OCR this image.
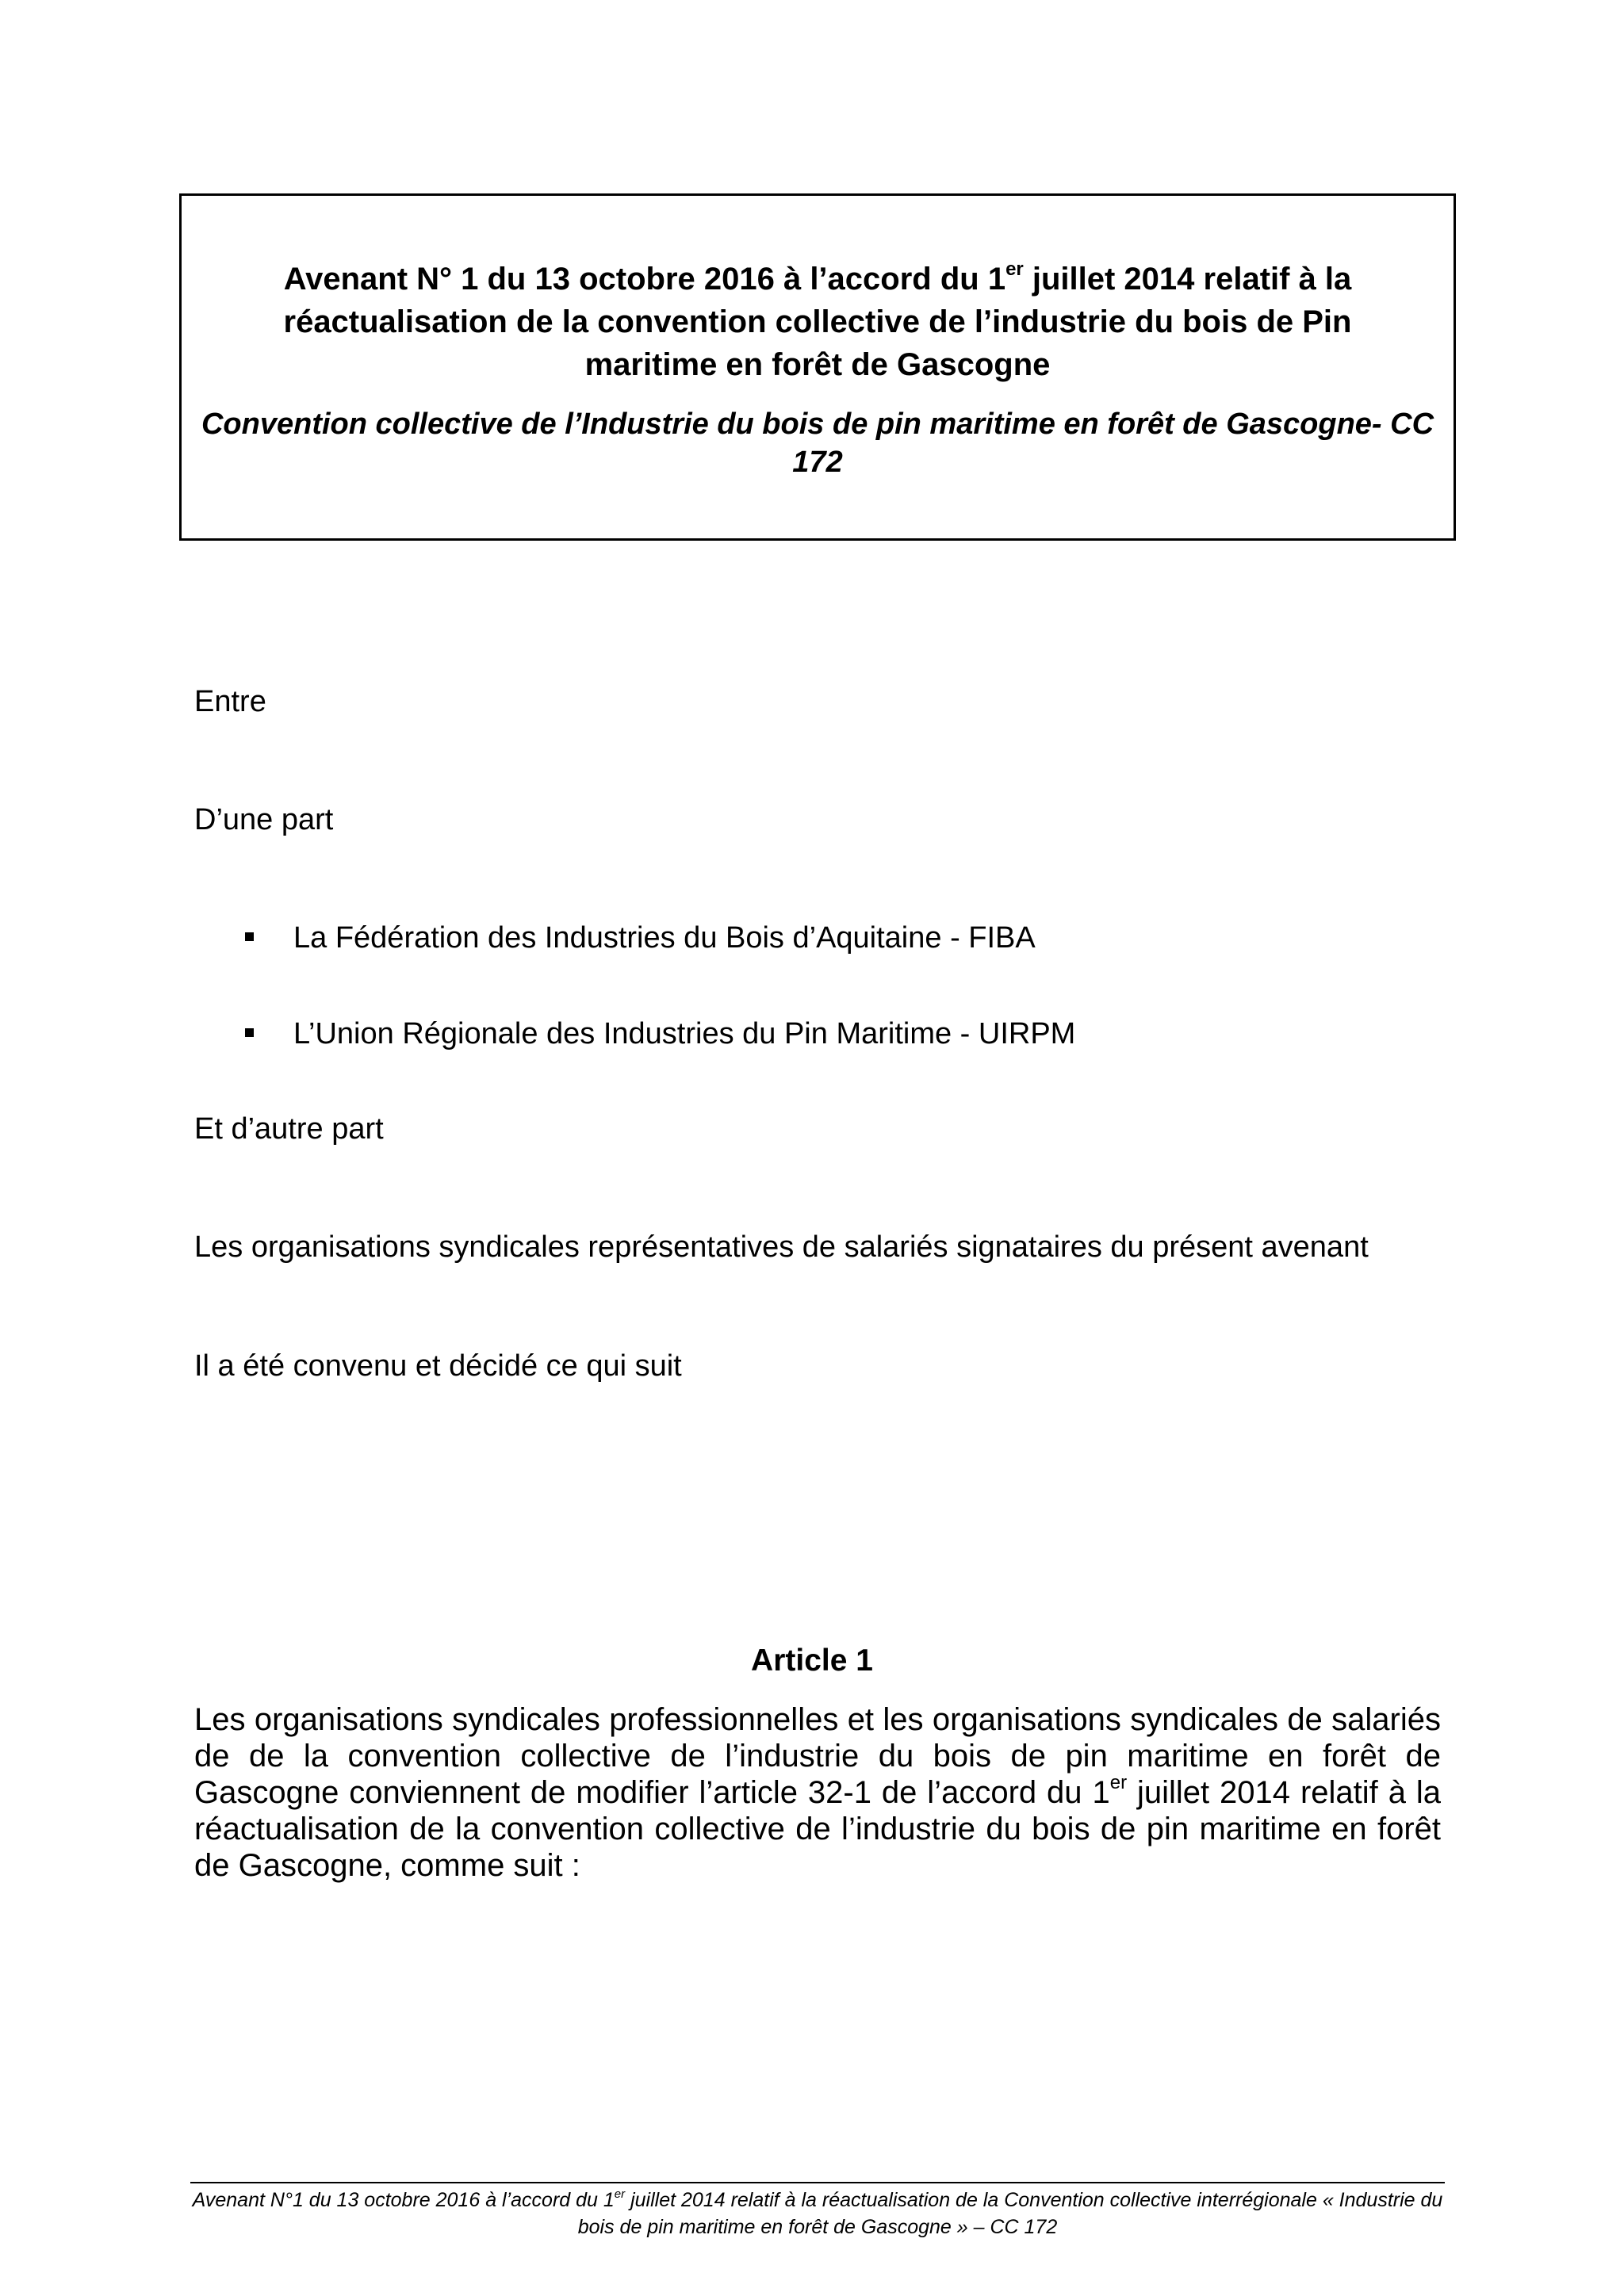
Avenant N° 1 du 13 octobre 2016 à l’accord du 1er juillet 2014 relatif à la réactualisation de la convention collective de l’industrie du bois de Pin maritime en forêt de Gascogne
Convention collective de l’Industrie du bois de pin maritime en forêt de Gascogne- CC 172
Entre
D’une part
La Fédération des Industries du Bois d’Aquitaine - FIBA
L’Union Régionale des Industries du Pin Maritime - UIRPM
Et d’autre part
Les organisations syndicales représentatives de salariés signataires du présent avenant
Il a été convenu et décidé ce qui suit
Article 1
Les organisations syndicales professionnelles et les organisations syndicales de salariés de de la convention collective de l’industrie du bois de pin maritime en forêt de Gascogne conviennent de modifier l’article 32-1 de l’accord du 1er juillet 2014 relatif à la réactualisation de la convention collective de l’industrie du bois de pin maritime en forêt de Gascogne, comme suit :
Avenant N°1 du 13 octobre 2016 à l’accord du 1er juillet 2014 relatif à la réactualisation de la Convention collective interrégionale « Industrie du bois de pin maritime en forêt de Gascogne » – CC 172
